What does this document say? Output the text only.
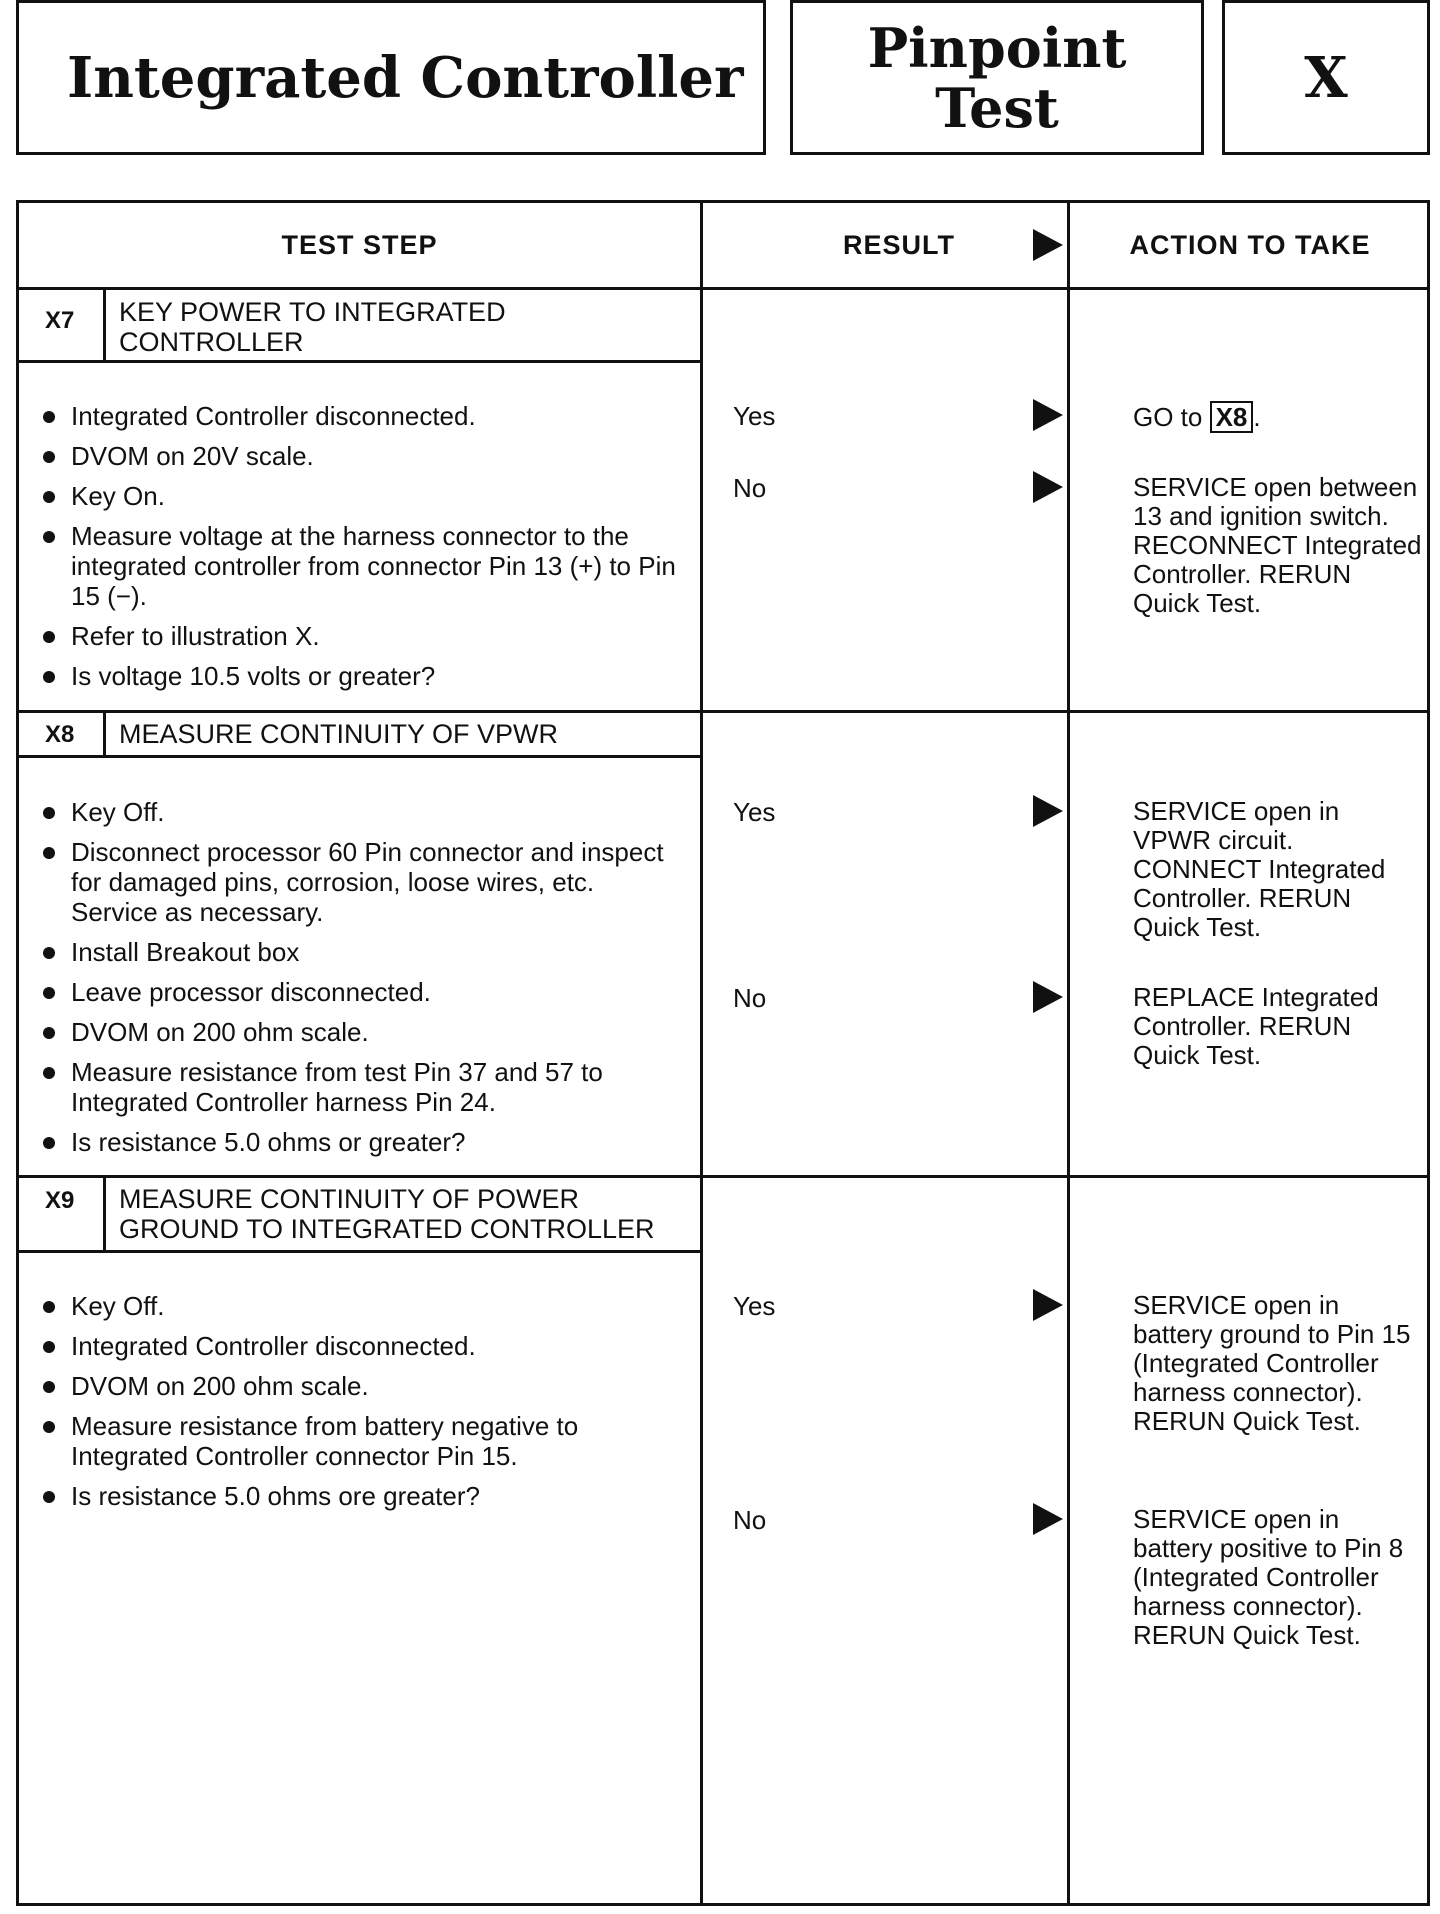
Integrated Controller	Pinpoint
Test	X
TEST STEP	RESULT	ACTION TO TAKE
X7 KEY POWER TO INTEGRATED
CONTROLLER
Integrated Controller disconnected.
DVOM on 20V scale.
Key On.
Measure voltage at the harness connector to the integrated controller from connector Pin 13 (+) to Pin 15 (−).
Refer to illustration X.
Is voltage 10.5 volts or greater?
Yes	GO to X8 .
No	SERVICE open between 13 and ignition switch. RECONNECT Integrated Controller. RERUN Quick Test.
X8 MEASURE CONTINUITY OF VPWR
Key Off.
Disconnect processor 60 Pin connector and inspect for damaged pins, corrosion, loose wires, etc. Service as necessary.
Install Breakout box
Leave processor disconnected.
DVOM on 200 ohm scale.
Measure resistance from test Pin 37 and 57 to Integrated Controller harness Pin 24.
Is resistance 5.0 ohms or greater?
Yes	SERVICE open in VPWR circuit. CONNECT Integrated Controller. RERUN Quick Test.
No	REPLACE Integrated Controller. RERUN Quick Test.
X9 MEASURE CONTINUITY OF POWER
GROUND TO INTEGRATED CONTROLLER
Key Off.
Integrated Controller disconnected.
DVOM on 200 ohm scale.
Measure resistance from battery negative to Integrated Controller connector Pin 15.
Is resistance 5.0 ohms ore greater?
Yes	SERVICE open in battery ground to Pin 15 (Integrated Controller harness connector). RERUN Quick Test.
No	SERVICE open in battery positive to Pin 8 (Integrated Controller harness connector). RERUN Quick Test.
